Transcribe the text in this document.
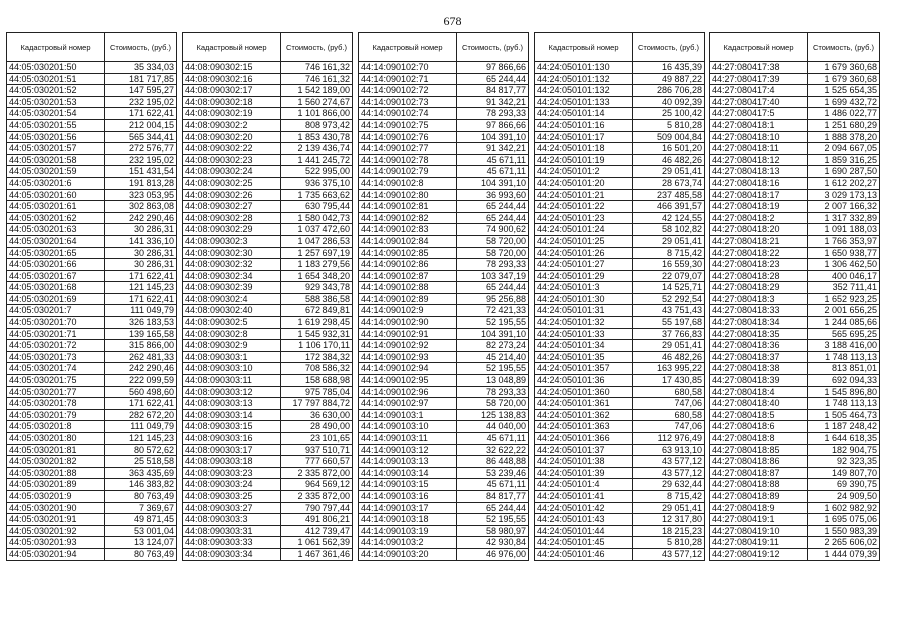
678
Кадастровый номер	Стоимость, (руб.)
44:05:030201:50	35 334,03
44:05:030201:51	181 717,85
44:05:030201:52	147 595,27
44:05:030201:53	232 195,02
44:05:030201:54	171 622,41
44:05:030201:55	212 004,15
44:05:030201:56	565 344,41
44:05:030201:57	272 576,77
44:05:030201:58	232 195,02
44:05:030201:59	151 431,54
44:05:030201:6	191 813,28
44:05:030201:60	323 053,95
44:05:030201:61	302 863,08
44:05:030201:62	242 290,46
44:05:030201:63	30 286,31
44:05:030201:64	141 336,10
44:05:030201:65	30 286,31
44:05:030201:66	30 286,31
44:05:030201:67	171 622,41
44:05:030201:68	121 145,23
44:05:030201:69	171 622,41
44:05:030201:7	111 049,79
44:05:030201:70	326 183,53
44:05:030201:71	139 165,58
44:05:030201:72	315 866,00
44:05:030201:73	262 481,33
44:05:030201:74	242 290,46
44:05:030201:75	222 099,59
44:05:030201:77	560 498,60
44:05:030201:78	171 622,41
44:05:030201:79	282 672,20
44:05:030201:8	111 049,79
44:05:030201:80	121 145,23
44:05:030201:81	80 572,62
44:05:030201:82	25 518,58
44:05:030201:88	363 435,69
44:05:030201:89	146 383,82
44:05:030201:9	80 763,49
44:05:030201:90	7 369,67
44:05:030201:91	49 871,45
44:05:030201:92	53 001,04
44:05:030201:93	13 124,07
44:05:030201:94	80 763,49
Кадастровый номер	Стоимость, (руб.)
44:08:090302:15	746 161,32
44:08:090302:16	746 161,32
44:08:090302:17	1 542 189,00
44:08:090302:18	1 560 274,67
44:08:090302:19	1 101 866,00
44:08:090302:2	808 973,42
44:08:090302:20	1 853 430,78
44:08:090302:22	2 139 436,74
44:08:090302:23	1 441 245,72
44:08:090302:24	522 995,00
44:08:090302:25	936 375,10
44:08:090302:26	1 735 663,62
44:08:090302:27	630 795,44
44:08:090302:28	1 580 042,73
44:08:090302:29	1 037 472,60
44:08:090302:3	1 047 286,53
44:08:090302:30	1 257 697,19
44:08:090302:32	1 183 279,56
44:08:090302:34	1 654 348,20
44:08:090302:39	929 343,78
44:08:090302:4	588 386,58
44:08:090302:40	672 849,81
44:08:090302:5	1 619 298,45
44:08:090302:8	1 545 932,31
44:08:090302:9	1 106 170,11
44:08:090303:1	172 384,32
44:08:090303:10	708 586,32
44:08:090303:11	158 688,98
44:08:090303:12	975 785,04
44:08:090303:13	17 797 884,72
44:08:090303:14	36 630,00
44:08:090303:15	28 490,00
44:08:090303:16	23 101,65
44:08:090303:17	937 510,71
44:08:090303:18	777 660,57
44:08:090303:23	2 335 872,00
44:08:090303:24	964 569,12
44:08:090303:25	2 335 872,00
44:08:090303:27	790 797,44
44:08:090303:3	491 806,21
44:08:090303:31	412 739,47
44:08:090303:33	1 061 562,39
44:08:090303:34	1 467 361,46
Кадастровый номер	Стоимость, (руб.)
44:14:090102:70	97 866,66
44:14:090102:71	65 244,44
44:14:090102:72	84 817,77
44:14:090102:73	91 342,21
44:14:090102:74	78 293,33
44:14:090102:75	97 866,66
44:14:090102:76	104 391,10
44:14:090102:77	91 342,21
44:14:090102:78	45 671,11
44:14:090102:79	45 671,11
44:14:090102:8	104 391,10
44:14:090102:80	36 993,60
44:14:090102:81	65 244,44
44:14:090102:82	65 244,44
44:14:090102:83	74 900,62
44:14:090102:84	58 720,00
44:14:090102:85	58 720,00
44:14:090102:86	78 293,33
44:14:090102:87	103 347,19
44:14:090102:88	65 244,44
44:14:090102:89	95 256,88
44:14:090102:9	72 421,33
44:14:090102:90	52 195,55
44:14:090102:91	104 391,10
44:14:090102:92	82 273,24
44:14:090102:93	45 214,40
44:14:090102:94	52 195,55
44:14:090102:95	13 048,89
44:14:090102:96	78 293,33
44:14:090102:97	58 720,00
44:14:090103:1	125 138,83
44:14:090103:10	44 040,00
44:14:090103:11	45 671,11
44:14:090103:12	32 622,22
44:14:090103:13	86 448,88
44:14:090103:14	53 239,46
44:14:090103:15	45 671,11
44:14:090103:16	84 817,77
44:14:090103:17	65 244,44
44:14:090103:18	52 195,55
44:14:090103:19	58 980,97
44:14:090103:2	42 930,84
44:14:090103:20	46 976,00
Кадастровый номер	Стоимость, (руб.)
44:24:050101:130	16 435,39
44:24:050101:132	49 887,22
44:24:050101:132	286 706,28
44:24:050101:133	40 092,39
44:24:050101:14	25 100,42
44:24:050101:16	5 810,28
44:24:050101:17	509 004,84
44:24:050101:18	16 501,20
44:24:050101:19	46 482,26
44:24:050101:2	29 051,41
44:24:050101:20	28 673,74
44:24:050101:21	237 485,58
44:24:050101:22	466 391,57
44:24:050101:23	42 124,55
44:24:050101:24	58 102,82
44:24:050101:25	29 051,41
44:24:050101:26	8 715,42
44:24:050101:27	16 559,30
44:24:050101:29	22 079,07
44:24:050101:3	14 525,71
44:24:050101:30	52 292,54
44:24:050101:31	43 751,43
44:24:050101:32	55 197,68
44:24:050101:33	37 766,83
44:24:050101:34	29 051,41
44:24:050101:35	46 482,26
44:24:050101:357	163 995,22
44:24:050101:36	17 430,85
44:24:050101:360	680,58
44:24:050101:361	747,06
44:24:050101:362	680,58
44:24:050101:363	747,06
44:24:050101:366	112 976,49
44:24:050101:37	63 913,10
44:24:050101:38	43 577,12
44:24:050101:39	43 577,12
44:24:050101:4	29 632,44
44:24:050101:41	8 715,42
44:24:050101:42	29 051,41
44:24:050101:43	12 317,80
44:24:050101:44	18 215,23
44:24:050101:45	5 810,28
44:24:050101:46	43 577,12
Кадастровый номер	Стоимость, (руб.)
44:27:080417:38	1 679 360,68
44:27:080417:39	1 679 360,68
44:27:080417:4	1 525 654,35
44:27:080417:40	1 699 432,72
44:27:080417:5	1 486 022,77
44:27:080418:1	1 251 680,29
44:27:080418:10	1 888 378,20
44:27:080418:11	2 094 667,05
44:27:080418:12	1 859 316,25
44:27:080418:13	1 690 287,50
44:27:080418:16	1 612 202,27
44:27:080418:17	3 029 173,13
44:27:080418:19	2 007 166,32
44:27:080418:2	1 317 332,89
44:27:080418:20	1 091 188,03
44:27:080418:21	1 766 353,97
44:27:080418:22	1 650 938,77
44:27:080418:23	1 306 462,50
44:27:080418:28	400 046,17
44:27:080418:29	352 711,41
44:27:080418:3	1 652 923,25
44:27:080418:33	2 001 656,25
44:27:080418:34	1 244 085,66
44:27:080418:35	565 695,25
44:27:080418:36	3 188 416,00
44:27:080418:37	1 748 113,13
44:27:080418:38	813 851,01
44:27:080418:39	692 094,33
44:27:080418:4	1 545 896,80
44:27:080418:40	1 748 113,13
44:27:080418:5	1 505 464,73
44:27:080418:6	1 187 248,42
44:27:080418:8	1 644 618,35
44:27:080418:85	182 904,75
44:27:080418:86	92 323,35
44:27:080418:87	149 807,70
44:27:080418:88	69 390,75
44:27:080418:89	24 909,50
44:27:080418:9	1 602 982,92
44:27:080419:1	1 695 075,06
44:27:080419:10	1 550 983,39
44:27:080419:11	2 265 606,02
44:27:080419:12	1 444 079,39
